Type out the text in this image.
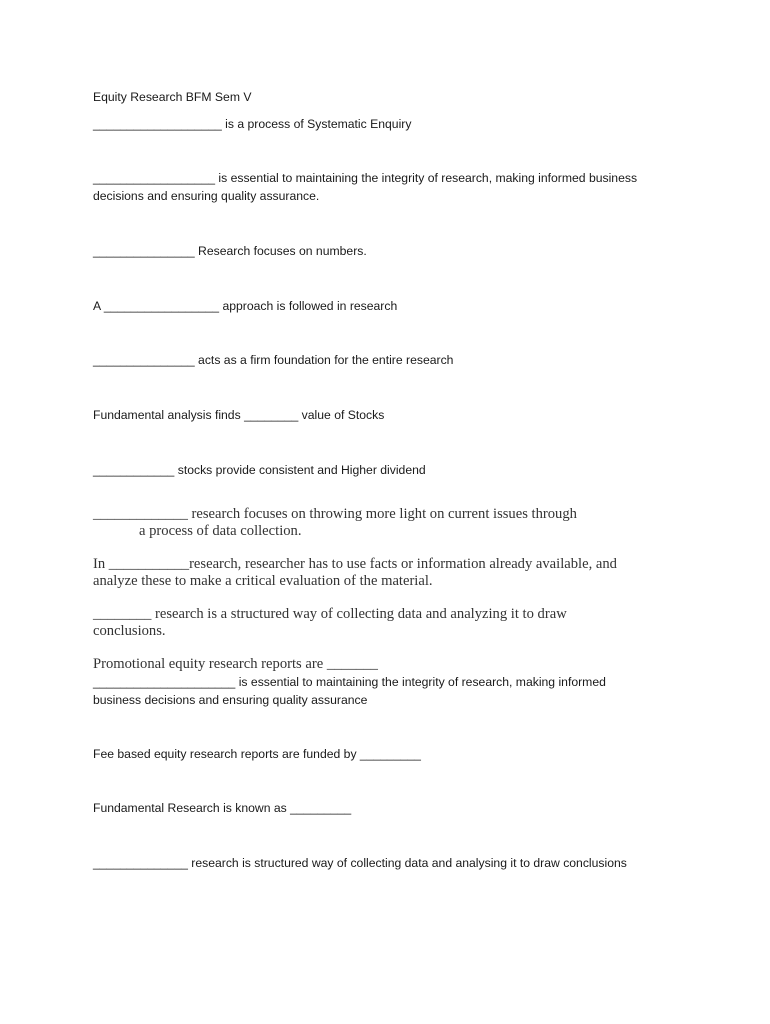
Equity Research BFM Sem V

___________________ is a process of Systematic Enquiry

__________________ is essential to maintaining the integrity of research, making informed business
decisions and ensuring quality assurance.

_______________ Research focuses on numbers.

A _________________ approach is followed in research

_______________ acts as a firm foundation for the entire research

Fundamental analysis finds ________ value of Stocks

____________ stocks provide consistent and Higher dividend

_____________ research focuses on throwing more light on current issues through
a process of data collection.
In ___________research, researcher has to use facts or information already available, and
analyze these to make a critical evaluation of the material.
________ research is a structured way of collecting data and analyzing it to draw
conclusions.

Promotional equity research reports are _______

_____________________ is essential to maintaining the integrity of research, making informed
business decisions and ensuring quality assurance

Fee based equity research reports are funded by _________

Fundamental Research is known as _________

______________ research is structured way of collecting data and analysing it to draw conclusions
